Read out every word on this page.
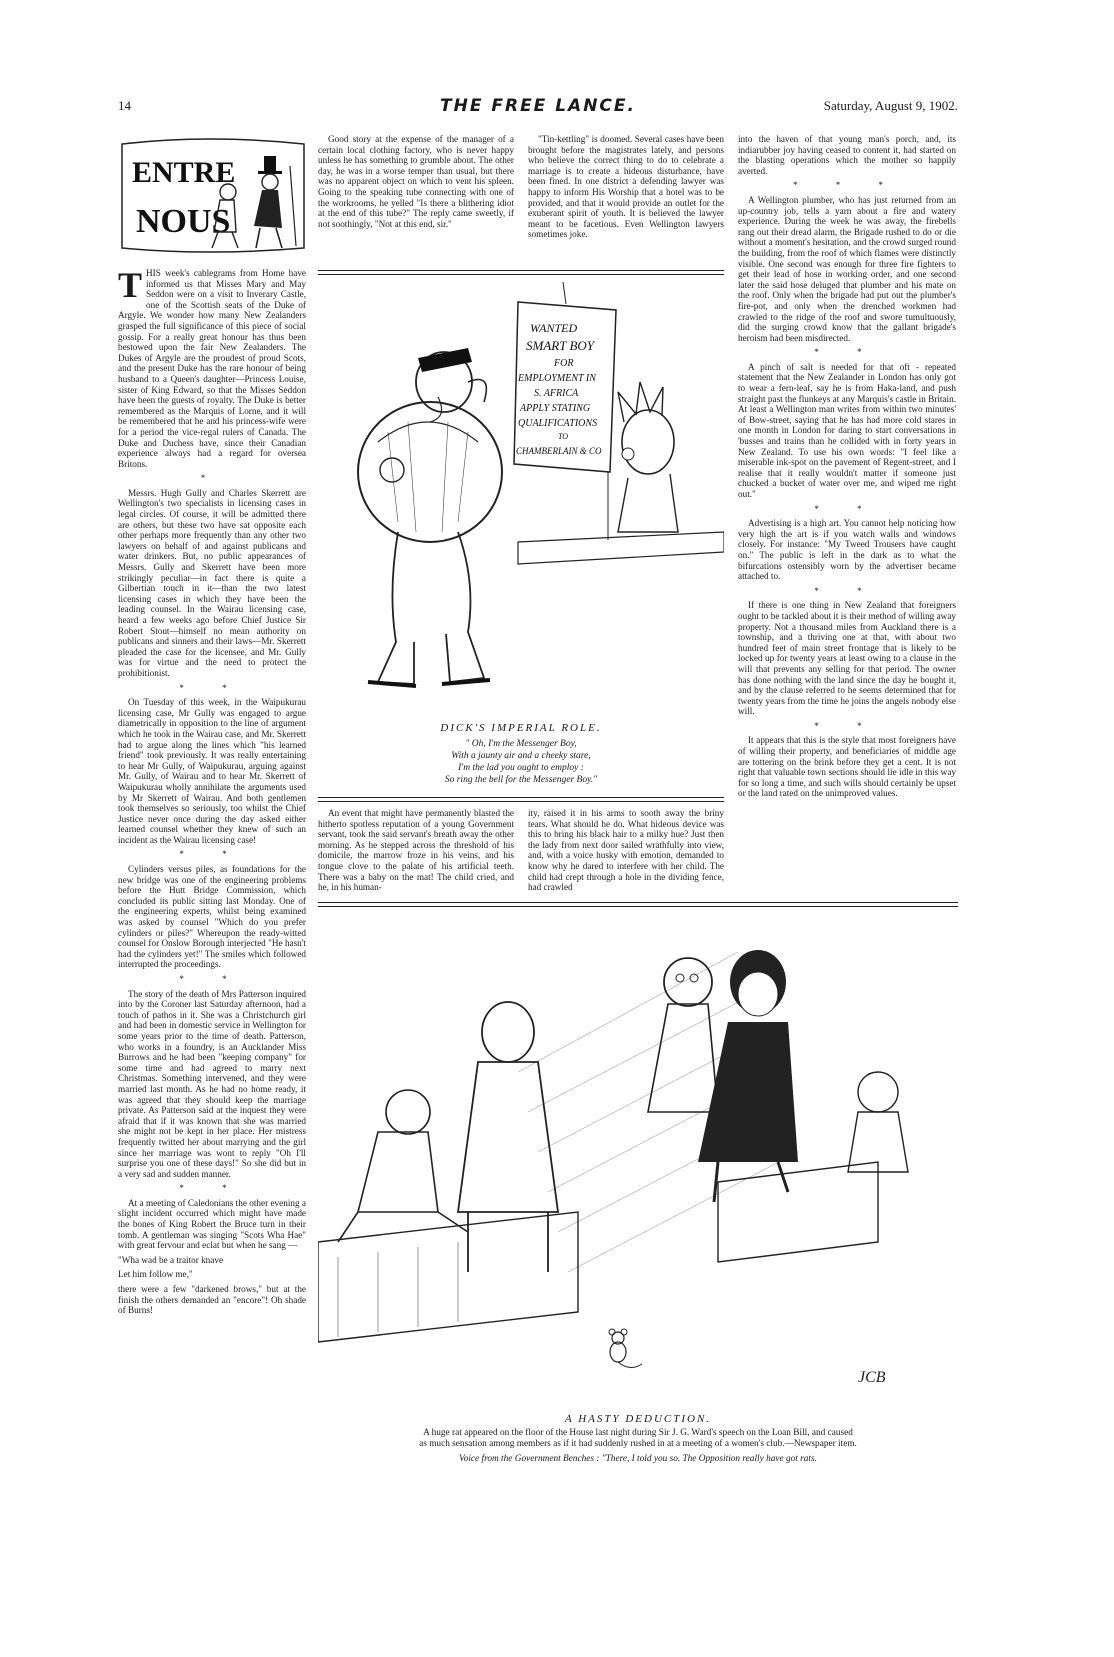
14	THE FREE LANCE.	Saturday, August 9, 1902.
ENTRE
NOUS

THIS week's cablegrams from Home have informed us that Misses Mary and May Seddon were on a visit to Inverary Castle, one of the Scottish seats of the Duke of Argyle. We wonder how many New Zealanders grasped the full significance of this piece of social gossip. For a really great honour has thus been bestowed upon the fair New Zealanders. The Dukes of Argyle are the proudest of proud Scots, and the present Duke has the rare honour of being husband to a Queen's daughter—Princess Louise, sister of King Edward, so that the Misses Seddon have been the guests of royalty. The Duke is better remembered as the Marquis of Lorne, and it will be remembered that he and his princess-wife were for a period the vice-regal rulers of Canada. The Duke and Duchess have, since their Canadian experience always had a regard for oversea Britons.

*

Messrs. Hugh Gully and Charles Skerrett are Wellington's two specialists in licensing cases in legal circles. Of course, it will be admitted there are others, but these two have sat opposite each other perhaps more frequently than any other two lawyers on behalf of and against publicans and water drinkers. But, no public appearances of Messrs. Gully and Skerrett have been more strikingly peculiar—in fact there is quite a Gilbertian touch in it—than the two latest licensing cases in which they have been the leading counsel. In the Wairau licensing case, heard a few weeks ago before Chief Justice Sir Robert Stout—himself no mean authority on publicans and sinners and their laws—Mr. Skerrett pleaded the case for the licensee, and Mr. Gully was for virtue and the need to protect the prohibitionist.

* *

On Tuesday of this week, in the Waipukurau licensing case, Mr Gully was engaged to argue diametrically in opposition to the line of argument which he took in the Wairau case, and Mr. Skerrett had to argue along the lines which "his learned friend" took previously. It was really entertaining to hear Mr Gully, of Waipukurau, arguing against Mr. Gully, of Wairau and to hear Mr. Skerrett of Waipukurau wholly annihilate the arguments used by Mr Skerrett of Wairau. And both gentlemen took themselves so seriously, too whilst the Chief Justice never once during the day asked either learned counsel whether they knew of such an incident as the Wairau licensing case!

* *

Cylinders versus piles, as foundations for the new bridge was one of the engineering problems before the Hutt Bridge Commission, which concluded its public sitting last Monday. One of the engineering experts, whilst being examined was asked by counsel "Which do you prefer cylinders or piles?" Whereupon the ready-witted counsel for Onslow Borough interjected "He hasn't had the cylinders yet!" The smiles which followed interrupted the proceedings.

* *

The story of the death of Mrs Patterson inquired into by the Coroner last Saturday afternoon, had a touch of pathos in it. She was a Christchurch girl and had been in domestic service in Wellington for some years prior to the time of death. Patterson, who works in a foundry, is an Aucklander Miss Burrows and he had been "keeping company" for some time and had agreed to marry next Christmas. Something intervened, and they were married last month. As he had no home ready, it was agreed that they should keep the marriage private. As Patterson said at the inquest they were afraid that if it was known that she was married she might not be kept in her place. Her mistress frequently twitted her about marrying and the girl since her marriage was wont to reply "Oh I'll surprise you one of these days!" So she did but in a very sad and sudden manner.

* *

At a meeting of Caledonians the other evening a slight incident occurred which might have made the bones of King Robert the Bruce turn in their tomb. A gentleman was singing "Scots Wha Hae" with great fervour and eclat but when he sang —

"Wha wad be a traitor knave

Let him follow me,"

there were a few "darkened brows," but at the finish the others demanded an "encore"! Oh shade of Burns!

Good story at the expense of the manager of a certain local clothing factory, who is never happy unless he has something to grumble about. The other day, he was in a worse temper than usual, but there was no apparent object on which to vent his spleen. Going to the speaking tube connecting with one of the workrooms, he yelled "Is there a blithering idiot at the end of this tube?" The reply came sweetly, if not soothingly, "Not at this end, sir."

"Tin-kettling" is doomed. Several cases have been brought before the magistrates lately, and persons who believe the correct thing to do to celebrate a marriage is to create a hideous disturbance, have been fined. In one district a defending lawyer was happy to inform His Worship that a hotel was to be provided, and that it would provide an outlet for the exuberant spirit of youth. It is believed the lawyer meant to be facetious. Even Wellington lawyers sometimes joke.

WANTED
SMART BOY
FOR
EMPLOYMENT IN
S. AFRICA
APPLY STATING
QUALIFICATIONS
TO
CHAMBERLAIN & CO
DICK'S IMPERIAL ROLE.
" Oh, I'm the Messenger Boy,
With a jaunty air and a cheeky stare,
I'm the lad you ought to employ :
So ring the bell for the Messenger Boy."

An event that might have permanently blasted the hitherto spotless reputation of a young Government servant, took the said servant's breath away the other morning. As he stepped across the threshold of his domicile, the marrow froze in his veins, and his tongue clove to the palate of his artificial teeth. There was a baby on the mat! The child cried, and he, in his human-

ity, raised it in his arms to sooth away the briny tears. What should he do. What hideous device was this to bring his black hair to a milky hue? Just then the lady from next door sailed wrathfully into view, and, with a voice husky with emotion, demanded to know why he dared to interfere with her child. The child had crept through a hole in the dividing fence, had crawled

into the haven of that young man's porch, and, its indiarubber joy having ceased to content it, had started on the blasting operations which the mother so happily averted.

* * *

A Wellington plumber, who has just returned from an up-country job, tells a yarn about a fire and watery experience. During the week he was away, the firebells rang out their dread alarm, the Brigade rushed to do or die without a moment's hesitation, and the crowd surged round the building, from the roof of which flames were distinctly visible. One second was enough for three fire fighters to get their lead of hose in working order, and one second later the said hose deluged that plumber and his mate on the roof. Only when the brigade had put out the plumber's fire-pot, and only when the drenched workmen had crawled to the ridge of the roof and swore tumultuously, did the surging crowd know that the gallant brigade's heroism had been misdirected.

* *

A pinch of salt is needed for that oft - repeated statement that the New Zealander in London has only got to wear a fern-leaf, say he is from Haka-land, and push straight past the flunkeys at any Marquis's castle in Britain. At least a Wellington man writes from within two minutes' of Bow-street, saying that he has had more cold stares in one month in London for daring to start conversations in 'busses and trains than he collided with in forty years in New Zealand. To use his own words: "I feel like a miserable ink-spot on the pavement of Regent-street, and I realise that it really wouldn't matter if someone just chucked a bucket of water over me, and wiped me right out."

* *

Advertising is a high art. You cannot help noticing how very high the art is if you watch walls and windows closely. For instance: "My Tweed Trousers have caught on." The public is left in the dark as to what the bifurcations ostensibly worn by the advertiser became attached to.

* *

If there is one thing in New Zealand that foreigners ought to be tackled about it is their method of willing away property. Not a thousand miles from Auckland there is a township, and a thriving one at that, with about two hundred feet of main street frontage that is likely to be locked up for twenty years at least owing to a clause in the will that prevents any selling for that period. The owner has done nothing with the land since the day he bought it, and by the clause referred to he seems determined that for twenty years from the time he joins the angels nobody else will.

* *

It appears that this is the style that most foreigners have of willing their property, and beneficiaries of middle age are tottering on the brink before they get a cent. It is not right that valuable town sections should lie idle in this way for so long a time, and such wills should certainly be upset or the land rated on the unimproved values.

JCB
A HASTY DEDUCTION.
A huge rat appeared on the floor of the House last night during Sir J. G. Ward's speech on the Loan Bill, and caused
as much sensation among members as if it had suddenly rushed in at a meeting of a women's club.—Newspaper item.
Voice from the Government Benches : "There, I told you so. The Opposition really have got rats.
